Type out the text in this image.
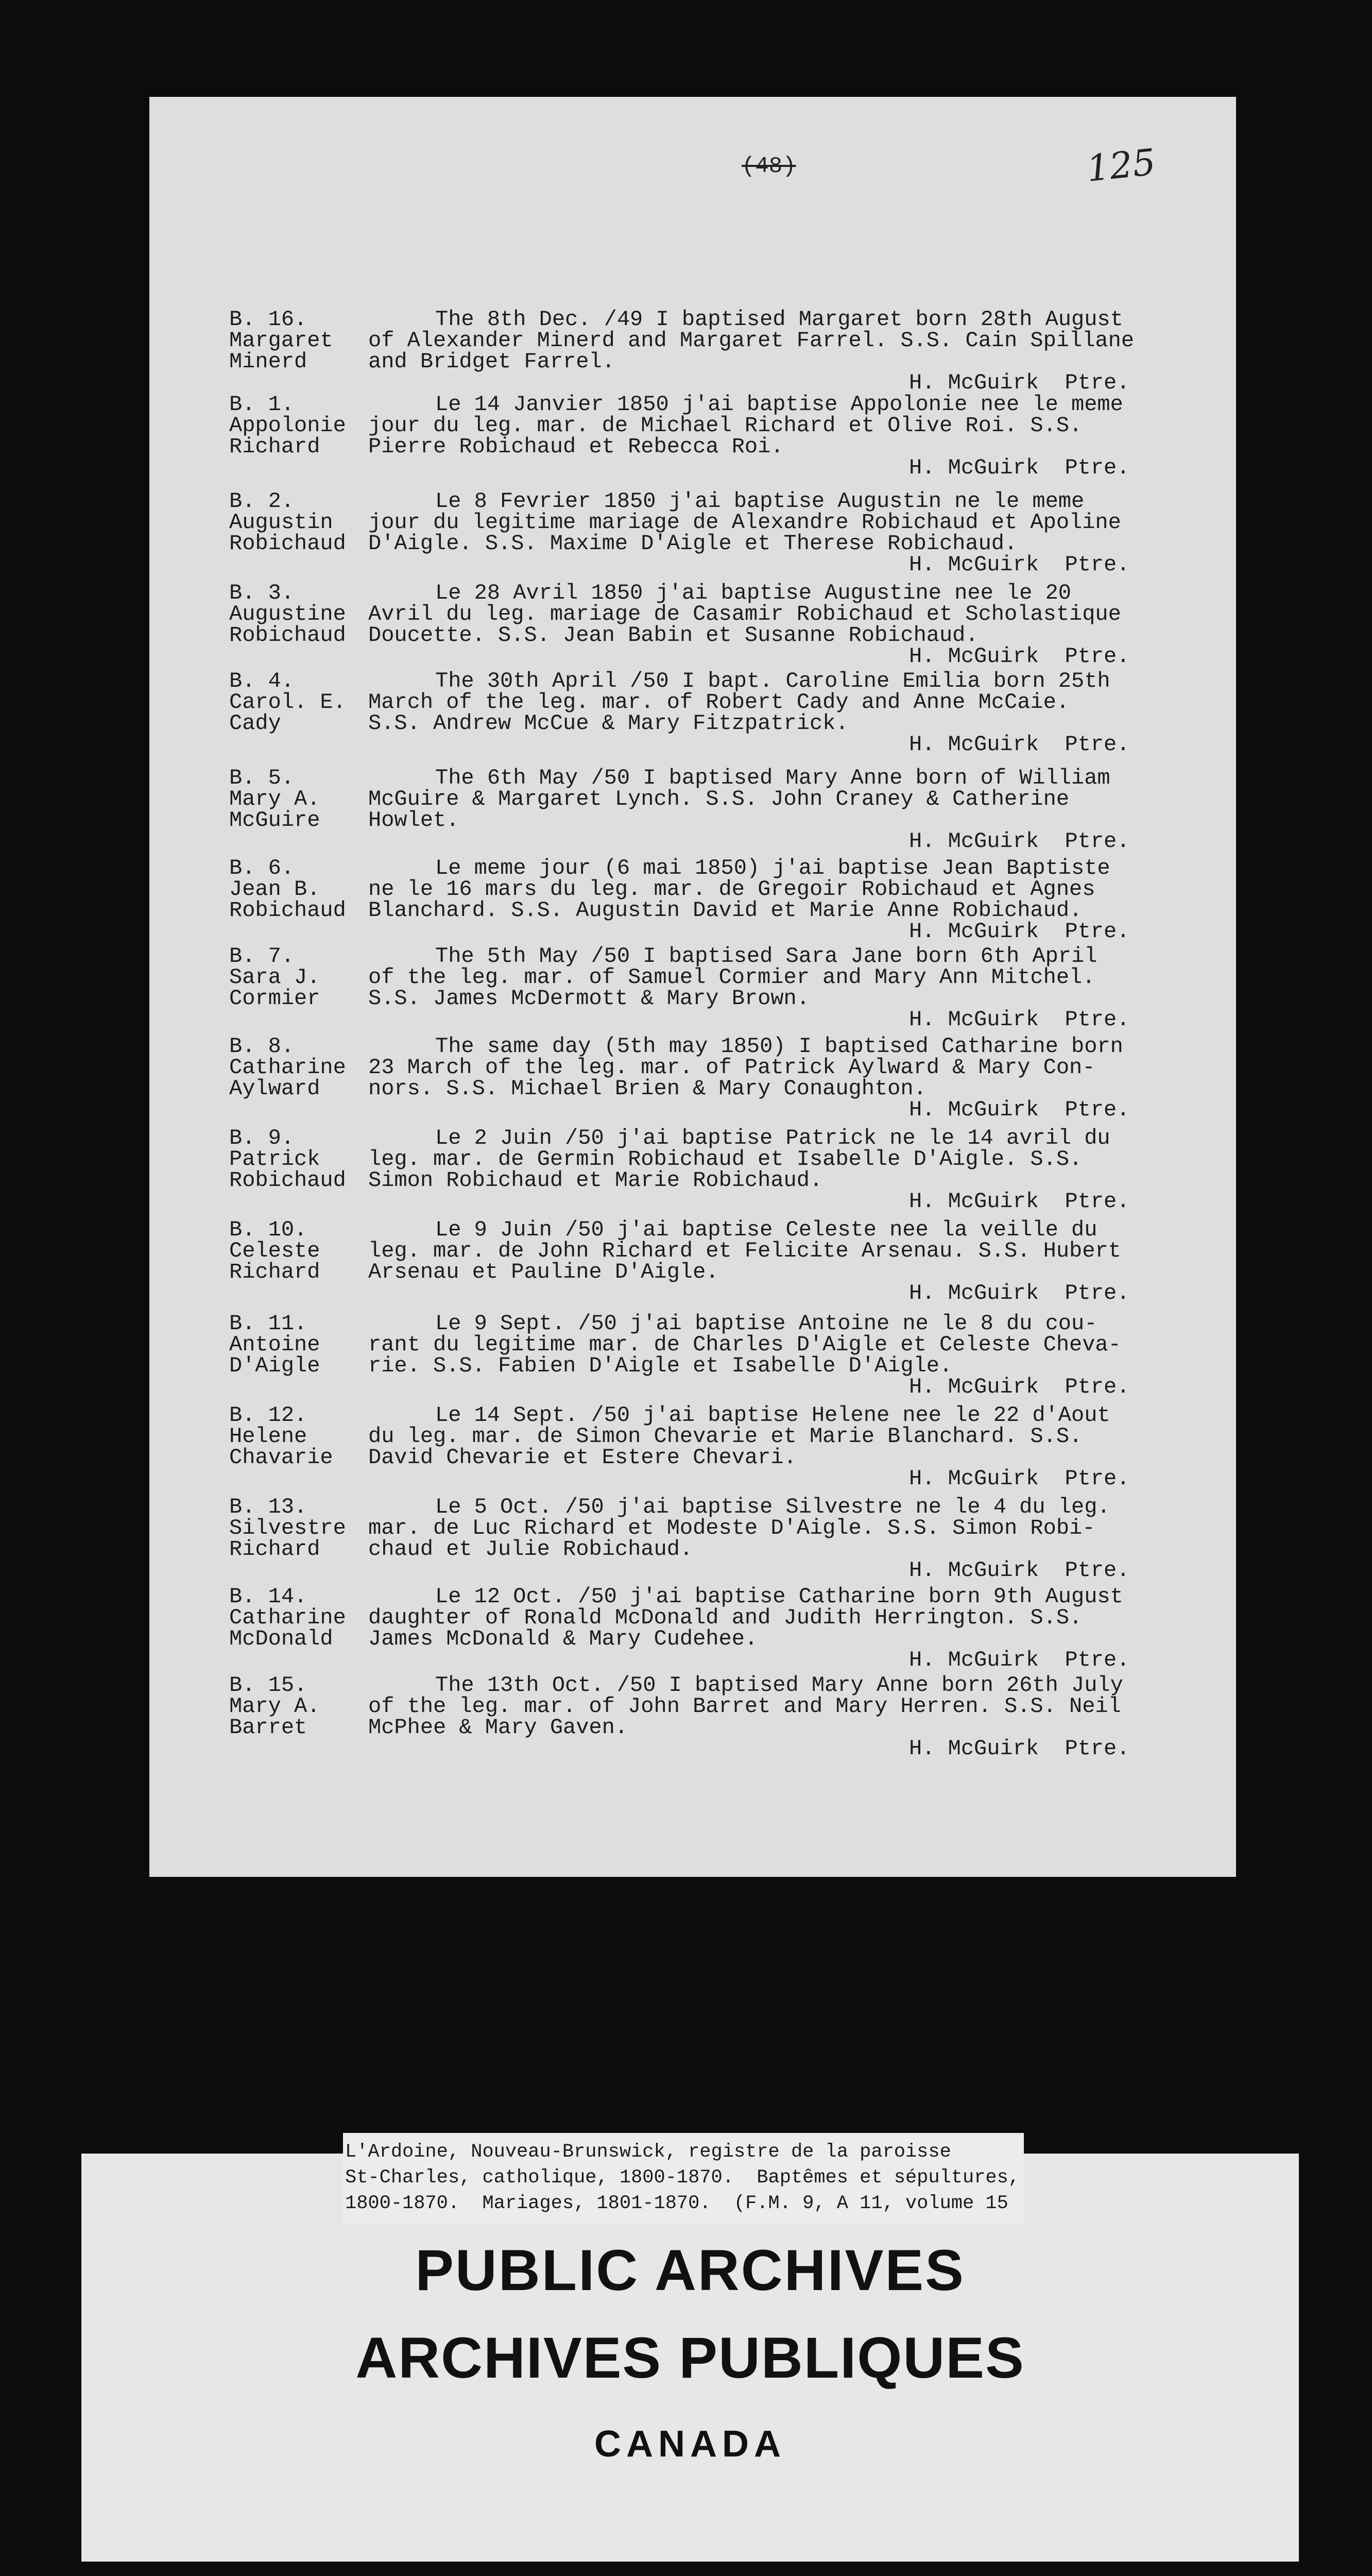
(48)	125
B. 16.
Margaret
Minerd
The 8th Dec. /49 I baptised Margaret born 28th August
of Alexander Minerd and Margaret Farrel. S.S. Cain Spillane
and Bridget Farrel.
H. McGuirk  Ptre.
B. 1.
Appolonie
Richard
Le 14 Janvier 1850 j'ai baptise Appolonie nee le meme
jour du leg. mar. de Michael Richard et Olive Roi. S.S.
Pierre Robichaud et Rebecca Roi.
H. McGuirk  Ptre.
B. 2.
Augustin
Robichaud
Le 8 Fevrier 1850 j'ai baptise Augustin ne le meme
jour du legitime mariage de Alexandre Robichaud et Apoline
D'Aigle. S.S. Maxime D'Aigle et Therese Robichaud.
H. McGuirk  Ptre.
B. 3.
Augustine
Robichaud
Le 28 Avril 1850 j'ai baptise Augustine nee le 20
Avril du leg. mariage de Casamir Robichaud et Scholastique
Doucette. S.S. Jean Babin et Susanne Robichaud.
H. McGuirk  Ptre.
B. 4.
Carol. E.
Cady
The 30th April /50 I bapt. Caroline Emilia born 25th
March of the leg. mar. of Robert Cady and Anne McCaie.
S.S. Andrew McCue & Mary Fitzpatrick.
H. McGuirk  Ptre.
B. 5.
Mary A.
McGuire
The 6th May /50 I baptised Mary Anne born of William
McGuire & Margaret Lynch. S.S. John Craney & Catherine
Howlet.
H. McGuirk  Ptre.
B. 6.
Jean B.
Robichaud
Le meme jour (6 mai 1850) j'ai baptise Jean Baptiste
ne le 16 mars du leg. mar. de Gregoir Robichaud et Agnes
Blanchard. S.S. Augustin David et Marie Anne Robichaud.
H. McGuirk  Ptre.
B. 7.
Sara J.
Cormier
The 5th May /50 I baptised Sara Jane born 6th April
of the leg. mar. of Samuel Cormier and Mary Ann Mitchel.
S.S. James McDermott & Mary Brown.
H. McGuirk  Ptre.
B. 8.
Catharine
Aylward
The same day (5th may 1850) I baptised Catharine born
23 March of the leg. mar. of Patrick Aylward & Mary Con-
nors. S.S. Michael Brien & Mary Conaughton.
H. McGuirk  Ptre.
B. 9.
Patrick
Robichaud
Le 2 Juin /50 j'ai baptise Patrick ne le 14 avril du
leg. mar. de Germin Robichaud et Isabelle D'Aigle. S.S.
Simon Robichaud et Marie Robichaud.
H. McGuirk  Ptre.
B. 10.
Celeste
Richard
Le 9 Juin /50 j'ai baptise Celeste nee la veille du
leg. mar. de John Richard et Felicite Arsenau. S.S. Hubert
Arsenau et Pauline D'Aigle.
H. McGuirk  Ptre.
B. 11.
Antoine
D'Aigle
Le 9 Sept. /50 j'ai baptise Antoine ne le 8 du cou-
rant du legitime mar. de Charles D'Aigle et Celeste Cheva-
rie. S.S. Fabien D'Aigle et Isabelle D'Aigle.
H. McGuirk  Ptre.
B. 12.
Helene
Chavarie
Le 14 Sept. /50 j'ai baptise Helene nee le 22 d'Aout
du leg. mar. de Simon Chevarie et Marie Blanchard. S.S.
David Chevarie et Estere Chevari.
H. McGuirk  Ptre.
B. 13.
Silvestre
Richard
Le 5 Oct. /50 j'ai baptise Silvestre ne le 4 du leg.
mar. de Luc Richard et Modeste D'Aigle. S.S. Simon Robi-
chaud et Julie Robichaud.
H. McGuirk  Ptre.
B. 14.
Catharine
McDonald
Le 12 Oct. /50 j'ai baptise Catharine born 9th August
daughter of Ronald McDonald and Judith Herrington. S.S.
James McDonald & Mary Cudehee.
H. McGuirk  Ptre.
B. 15.
Mary A.
Barret
The 13th Oct. /50 I baptised Mary Anne born 26th July
of the leg. mar. of John Barret and Mary Herren. S.S. Neil
McPhee & Mary Gaven.
H. McGuirk  Ptre.
PUBLIC ARCHIVES
ARCHIVES PUBLIQUES
CANADA
L'Ardoine, Nouveau-Brunswick, registre de la paroisse
St-Charles, catholique, 1800-1870.  Baptêmes et sépultures,
1800-1870.  Mariages, 1801-1870.  (F.M. 9, A 11, volume 15
